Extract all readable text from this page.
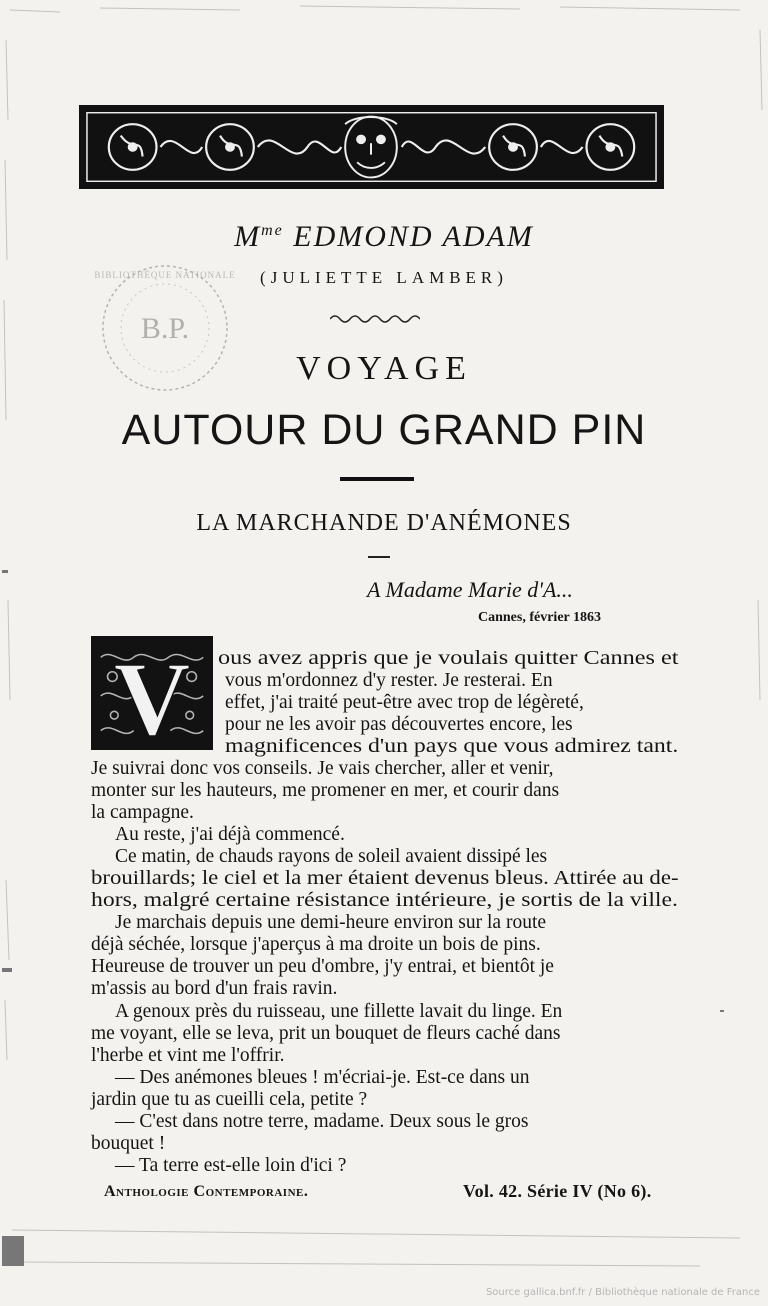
B.P.
BIBLIOTHÈQUE NATIONALE
$M^{me}$ EDMOND ADAM
(JULIETTE LAMBER)
VOYAGE
AUTOUR DU GRAND PIN
LA MARCHANDE D'ANÉMONES
A Madame Marie d'A...
Cannes, février 1863
V ous avez appris que je voulais quitter Cannes et
vous m'ordonnez d'y rester. Je resterai. En
effet, j'ai traité peut-être avec trop de légèreté,
pour ne les avoir pas découvertes encore, les
magnificences d'un pays que vous admirez tant.
Je suivrai donc vos conseils. Je vais chercher, aller et venir,
monter sur les hauteurs, me promener en mer, et courir dans
la campagne.
Au reste, j'ai déjà commencé.
Ce matin, de chauds rayons de soleil avaient dissipé les
brouillards; le ciel et la mer étaient devenus bleus. Attirée au de-
hors, malgré certaine résistance intérieure, je sortis de la ville.
Je marchais depuis une demi-heure environ sur la route
déjà séchée, lorsque j'aperçus à ma droite un bois de pins.
Heureuse de trouver un peu d'ombre, j'y entrai, et bientôt je
m'assis au bord d'un frais ravin.
A genoux près du ruisseau, une fillette lavait du linge. En
me voyant, elle se leva, prit un bouquet de fleurs caché dans
l'herbe et vint me l'offrir.
— Des anémones bleues ! m'écriai-je. Est-ce dans un
jardin que tu as cueilli cela, petite ?
— C'est dans notre terre, madame. Deux sous le gros
bouquet !
— Ta terre est-elle loin d'ici ?
Anthologie Contemporaine.	Vol. 42. Série IV (No 6).
Source gallica.bnf.fr / Bibliothèque nationale de France
